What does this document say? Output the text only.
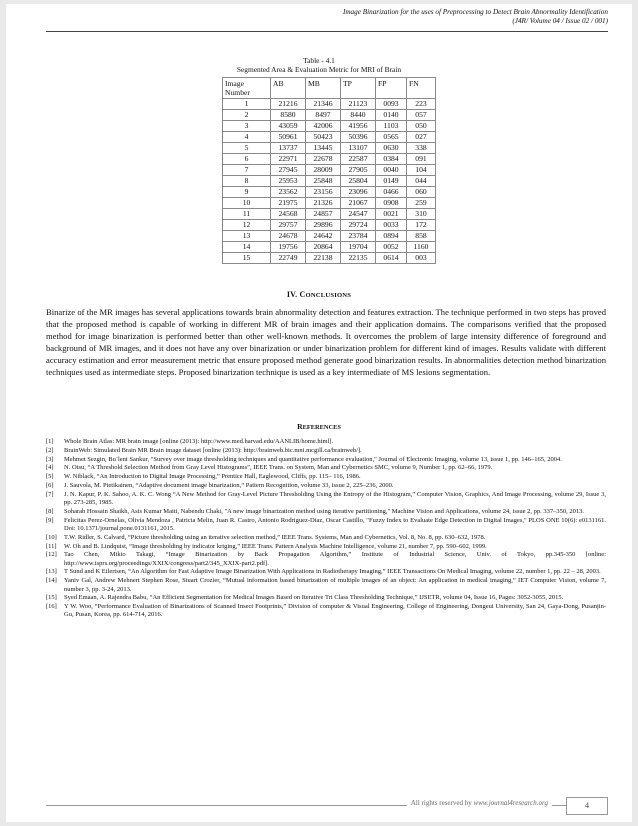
Image Binarization for the uses of Preprocessing to Detect Brain Abnormality Identification
(J4R/ Volume 04 / Issue 02 / 001)
Table - 4.1
Segmented Area & Evaluation Metric for MRI of Brain
Image Number	AB	MB	TP	FP	FN
1	21216	21346	21123	0093	223
2	8580	8497	8440	0140	057
3	43059	42006	41956	1103	050
4	50961	50423	50396	0565	027
5	13737	13445	13107	0630	338
6	22971	22678	22587	0384	091
7	27945	28009	27905	0040	104
8	25953	25848	25804	0149	044
9	23562	23156	23096	0466	060
10	21975	21326	21067	0908	259
11	24568	24857	24547	0021	310
12	29757	29896	29724	0033	172
13	24678	24642	23784	0894	858
14	19756	20864	19704	0052	1160
15	22749	22138	22135	0614	003
IV. CONCLUSIONS
Binarize of the MR images has several applications towards brain abnormality detection and features extraction. The technique performed in two steps has proved that the proposed method is capable of working in different MR of brain images and their application domains. The comparisons verified that the proposed method for image binarization is performed better than other well-known methods. It overcomes the problem of large intensity difference of foreground and background of MR images, and it does not have any over binarization or under binarization problem for different kind of images. Results validate with different accuracy estimation and error measurement metric that ensure proposed method generate good binarization results. In abnormalities detection method binarization techniques used as intermediate steps. Proposed binarization technique is used as a key intermediate of MS lesions segmentation.
REFERENCES
[1]	Whole Brain Atlas: MR brain image [online (2013): http://www.med.harvad.edu/AANLIB/home.html].
[2]	BrainWeb: Simulated Brain MR Brain image dataset [online (2013): http://brainweb.bic.mni.mcgill.ca/brainweb/].
[3]	Mehmet Sezgin, Bu¨lent Sankur, "Survey over image thresholding techniques and quantitative performance evaluation," Journal of Electronic Imaging, volume 13, issue 1, pp. 146–165, 2004.
[4]	N. Otsu, “A Threshold Selection Method from Gray Level Histograms”, IEEE Trans. on System, Man and Cybernetics SMC, volume 9, Number 1, pp. 62–66, 1979.
[5]	W. Niblack, “An Introduction to Digital Image Processing,” Prentice Hall, Eaglewood, Cliffs, pp. 115– 116, 1986.
[6]	J. Sauvola, M. Pietikainen, “Adaptive document image binarization,” Pattern Recognition, volume 33, issue 2, 225–236, 2000.
[7]	J. N. Kapur, P. K. Sahoo, A. K. C. Wong “A New Method for Gray-Level Picture Thresholding Using the Entropy of the Histogram,” Computer Vision, Graphics, And Image Processing, volume 29, Issue 3, pp. 273-285, 1985.
[8]	Soharab Hossain Shaikh, Asis Kumar Maiti, Nabendu Chaki, "A new image binarization method using iterative partitioning," Machine Vision and Applications, volume 24, issue 2, pp. 337–350, 2013.
[9]	Felicitas Perez-Ornelas, Olivia Mendoza , Patricia Melin, Juan R. Castro, Antonio Rodriguez-Diaz, Oscar Castillo, "Fuzzy Index to Evaluate Edge Detection in Digital Images," PLOS ONE 10(6): e0131161. Doi: 10.1371/journal.pone.0131161, 2015.
[10]	T.W. Ridler, S. Calvard, “Picture thresholding using an iterative selection method,” IEEE Trans. Systems, Man and Cybernetics, Vol. 8, No. 8, pp. 630–632, 1978.
[11]	W. Oh and B. Lindquist, “Image thresholding by indicator kriging,” IEEE Trans. Pattern Analysis Machine Intelligence, volume 21, number 7, pp. 590–602, 1999.
[12]	Tao Chen, Mikio Takagi, “Image Binarization by Back Propagation Algorithm,” Institute of Industrial Science, Univ. of Tokyo, pp.345-350 [online: http://www.isprs.org/proceedings/XXIX/congress/part2/345_XXIX-part2.pdf].
[13]	T Sund and K Eilertsen, “An Algorithm for Fast Adaptive Image Binarization With Applications in Radiotherapy Imaging,” IEEE Transactions On Medical Imaging, volume 22, number 1, pp. 22 – 28, 2003.
[14]	Yaniv Gal, Andrew Mehnert Stephen Rose, Stuart Crozier, “Mutual information based binarization of multiple images of an object: An application in medical imaging,” IET Computer Vision, volume 7, number 3, pp. 3-24, 2013.
[15]	Syed Emaan, A. Rajendra Babu, “An Efficient Segmentation for Medical Images Based on Iterative Tri Class Thresholding Technique,” IJSETR, volume 04, Issue 16, Pages: 3052-3055, 2015.
[16]	Y W. Woo, “Performance Evaluation of Binarizations of Scanned Insect Footprints,” Division of computer & Visual Engineering, College of Engineering, Dongeui University, San 24, Gaya-Dong, Pusanjin-Gu, Pusan, Korea, pp. 614-714, 2016.
All rights reserved by www.journal4research.org	4
